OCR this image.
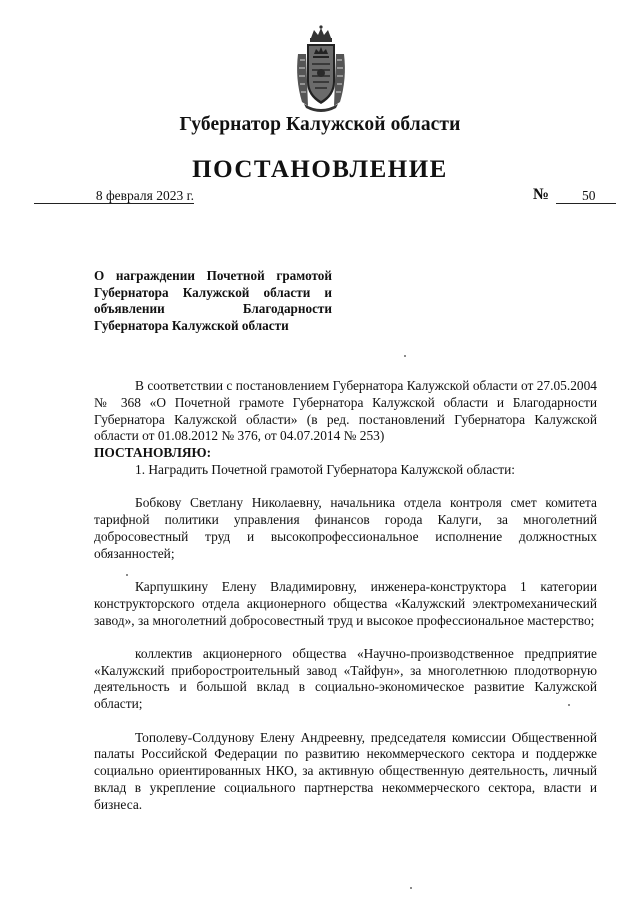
Губернатор Калужской области
ПОСТАНОВЛЕНИЕ
8 февраля 2023 г.	№ 50
О награждении Почетной грамотой Губернатора Калужской области и объявлении Благодарности Губернатора Калужской области

В соответствии с постановлением Губернатора Калужской области от 27.05.2004 № 368 «О Почетной грамоте Губернатора Калужской области и Благодарности Губернатора Калужской области» (в ред. постановлений Губернатора Калужской области от 01.08.2012 № 376, от 04.07.2014 № 253)

ПОСТАНОВЛЯЮ:

1. Наградить Почетной грамотой Губернатора Калужской области:

Бобкову Светлану Николаевну, начальника отдела контроля смет комитета тарифной политики управления финансов города Калуги, за многолетний добросовестный труд и высокопрофессиональное исполнение должностных обязанностей;

Карпушкину Елену Владимировну, инженера-конструктора 1 категории конструкторского отдела акционерного общества «Калужский электромеханический завод», за многолетний добросовестный труд и высокое профессиональное мастерство;

коллектив акционерного общества «Научно-производственное предприятие «Калужский приборостроительный завод «Тайфун», за многолетнюю плодотворную деятельность и большой вклад в социально-экономическое развитие Калужской области;

Тополеву-Солдунову Елену Андреевну, председателя комиссии Общественной палаты Российской Федерации по развитию некоммерческого сектора и поддержке социально ориентированных НКО, за активную общественную деятельность, личный вклад в укрепление социального партнерства некоммерческого сектора, власти и бизнеса.
